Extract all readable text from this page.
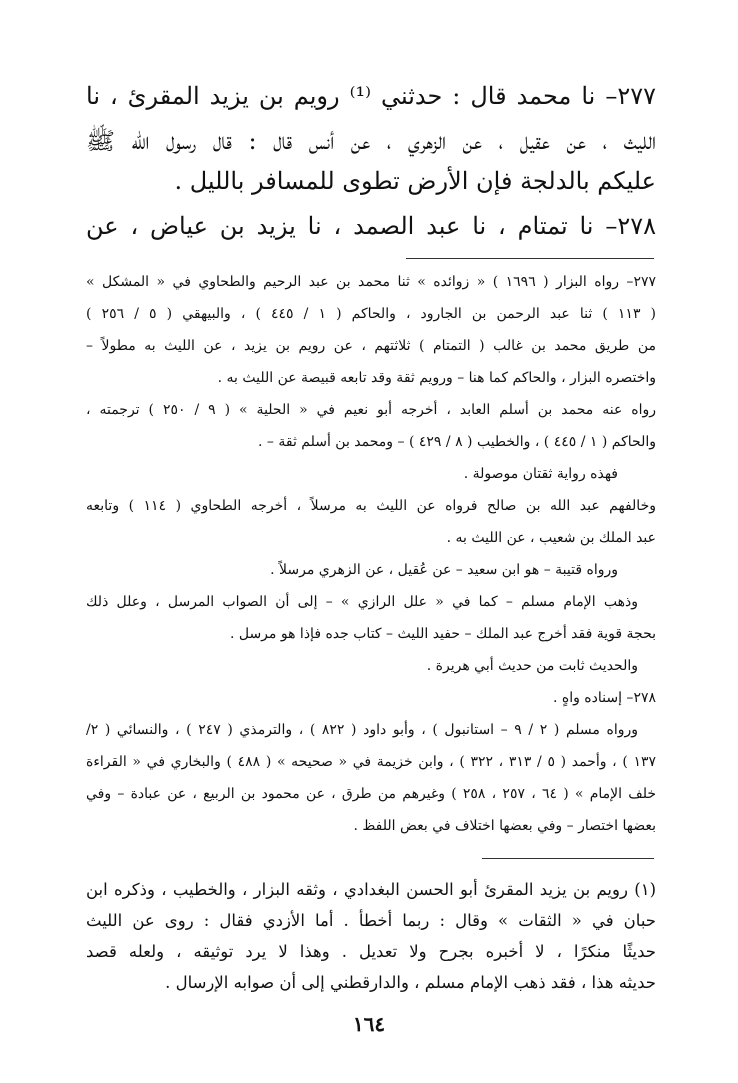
٢٧٧– نا محمد قال : حدثني ⁽¹⁾ رويم بن يزيد المقرئ ، نا
الليث ، عن عقيل ، عن الزهري ، عن أنس قال : قال رسول الله ﷺ
عليكم بالدلجة فإن الأرض تطوى للمسافر بالليل .
٢٧٨– نا تمتام ، نا عبد الصمد ، نا يزيد بن عياض ، عن
٢٧٧– رواه البزار ( ١٦٩٦ ) « زوائده » ثنا محمد بن عبد الرحيم والطحاوي في « المشكل »
( ١١٣ ) ثنا عبد الرحمن بن الجارود ، والحاكم ( ١ / ٤٤٥ ) ، والبيهقي ( ٥ / ٢٥٦ )
من طريق محمد بن غالب ( التمتام ) ثلاثتهم ، عن رويم بن يزيد ، عن الليث به مطولاً –
واختصره البزار ، والحاكم كما هنا – ورويم ثقة وقد تابعه قبيصة عن الليث به .
رواه عنه محمد بن أسلم العابد ، أخرجه أبو نعيم في « الحلية » ( ٩ / ٢٥٠ ) ترجمته ،
والحاكم ( ١ / ٤٤٥ ) ، والخطيب ( ٨ / ٤٢٩ ) – ومحمد بن أسلم ثقة – .
فهذه رواية ثقتان موصولة .
وخالفهم عبد الله بن صالح فرواه عن الليث به مرسلاً ، أخرجه الطحاوي ( ١١٤ ) وتابعه
عبد الملك بن شعيب ، عن الليث به .
ورواه قتيبة – هو ابن سعيد – عن عُقيل ، عن الزهري مرسلاً .
وذهب الإمام مسلم – كما في « علل الرازي » – إلى أن الصواب المرسل ، وعلل ذلك
بحجة قوية فقد أخرج عبد الملك – حفيد الليث – كتاب جده فإذا هو مرسل .
والحديث ثابت من حديث أبي هريرة .
٢٧٨– إسناده واهٍ .
ورواه مسلم ( ٢ / ٩ – استانبول ) ، وأبو داود ( ٨٢٢ ) ، والترمذي ( ٢٤٧ ) ، والنسائي ( ٢/
١٣٧ ) ، وأحمد ( ٥ / ٣١٣ ، ٣٢٢ ) ، وابن خزيمة في « صحيحه » ( ٤٨٨ ) والبخاري في « القراءة
خلف الإمام » ( ٦٤ ، ٢٥٧ ، ٢٥٨ ) وغيرهم من طرق ، عن محمود بن الربيع ، عن عبادة – وفي
بعضها اختصار – وفي بعضها اختلاف في بعض اللفظ .
(١) رويم بن يزيد المقرئ أبو الحسن البغدادي ، وثقه البزار ، والخطيب ، وذكره ابن
حبان في « الثقات » وقال : ربما أخطأ . أما الأزدي فقال : روى عن الليث
حديثًا منكرًا ، لا أخبره بجرح ولا تعديل . وهذا لا يرد توثيقه ، ولعله قصد
حديثه هذا ، فقد ذهب الإمام مسلم ، والدارقطني إلى أن صوابه الإرسال .
١٦٤
